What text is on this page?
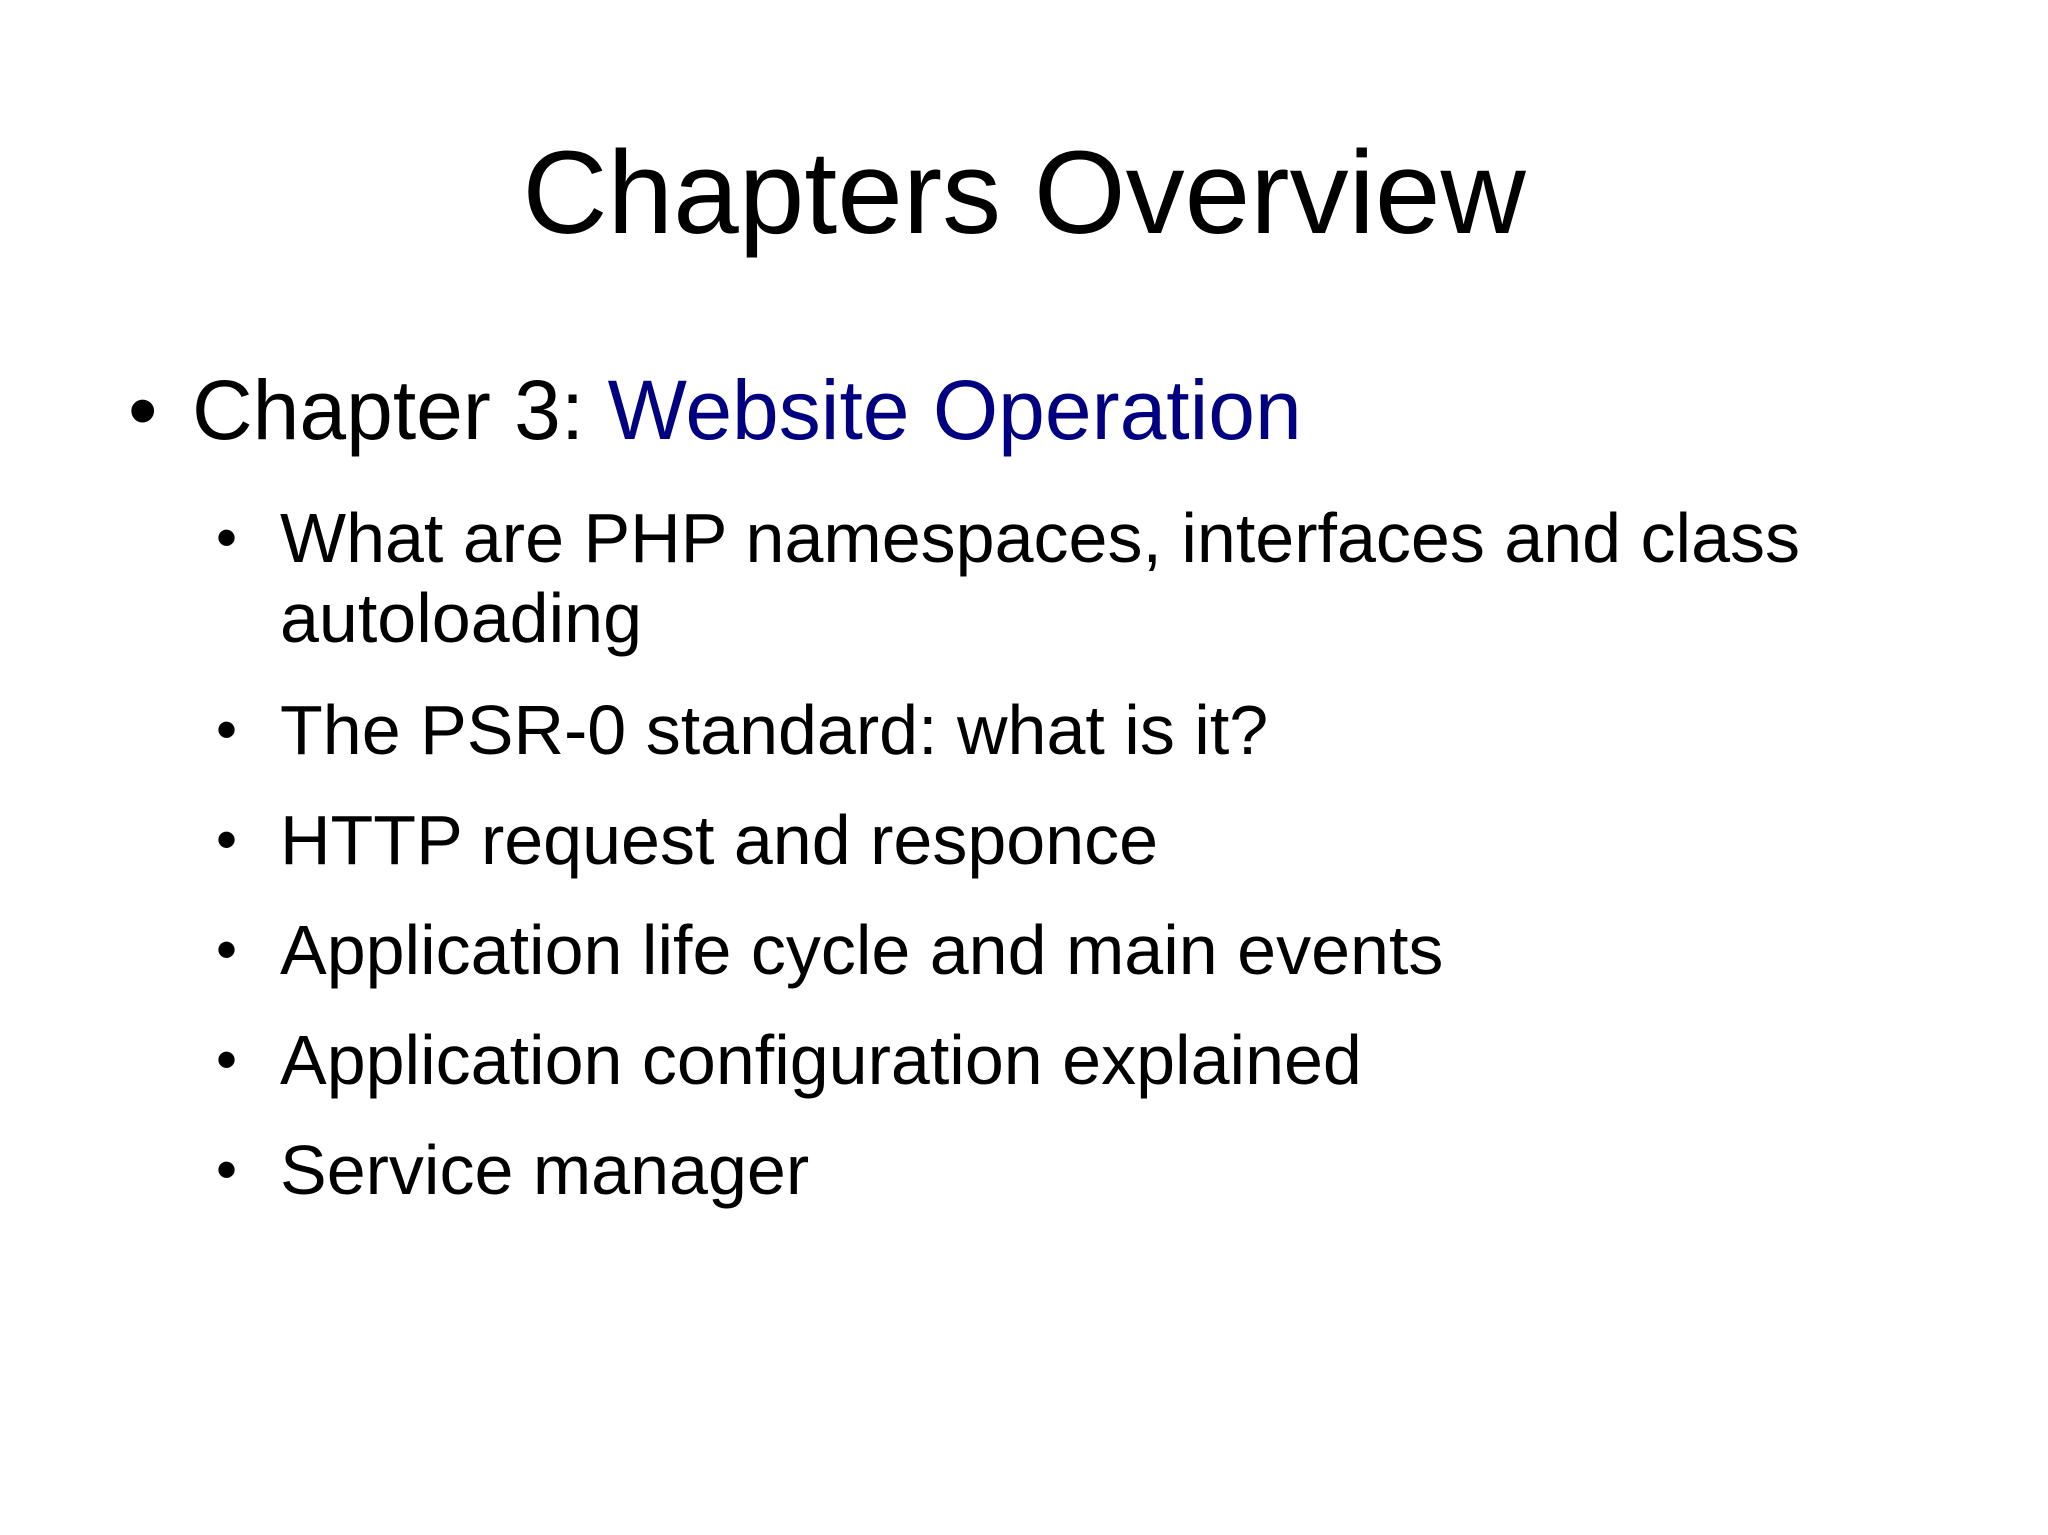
Chapters Overview
• Chapter 3: Website Operation
• What are PHP namespaces, interfaces and class autoloading
• The PSR-0 standard: what is it?
• HTTP request and responce
• Application life cycle and main events
• Application configuration explained
• Service manager
